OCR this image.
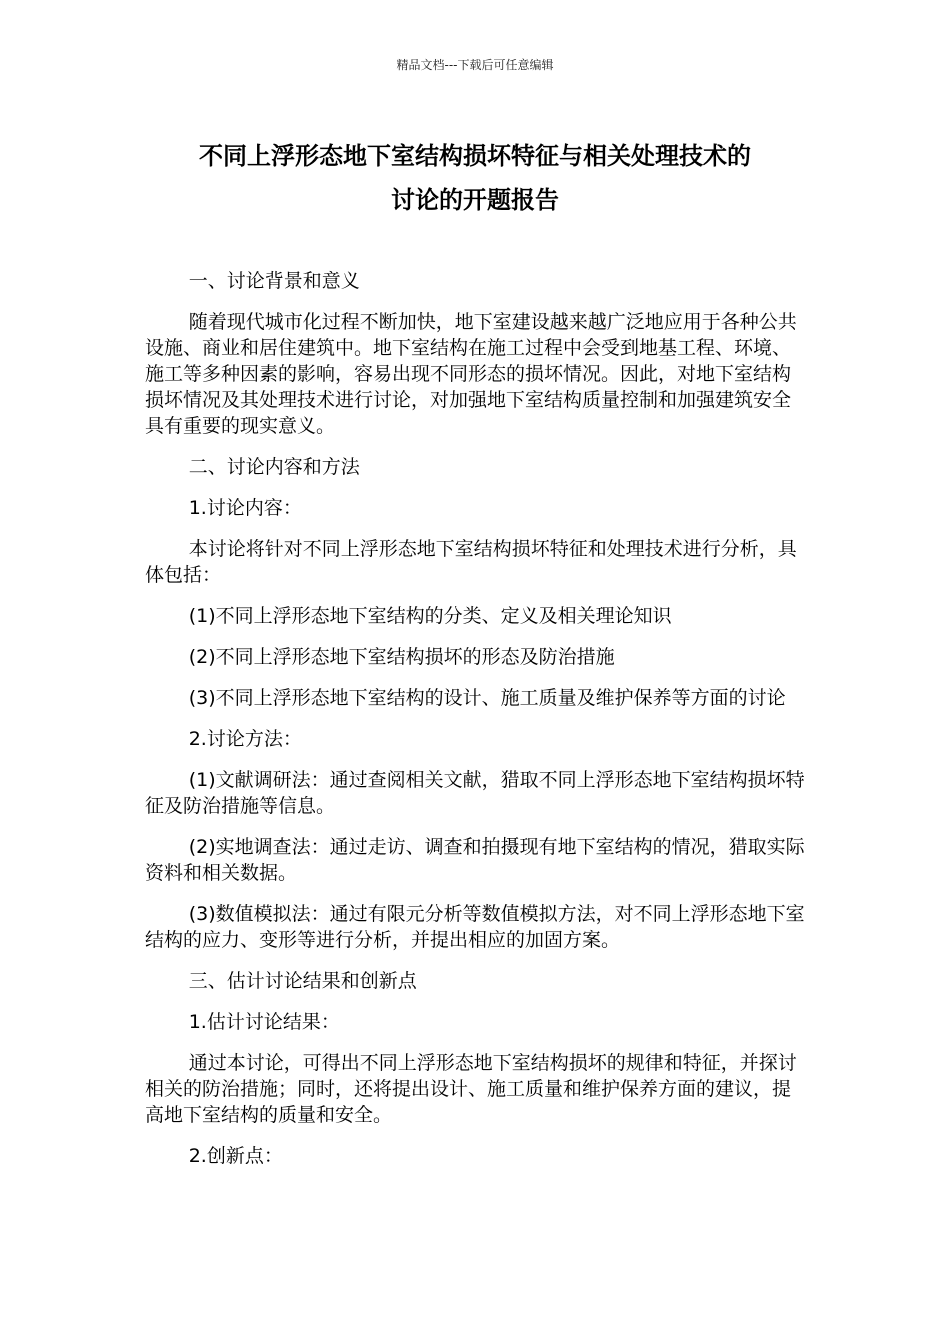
精品文档---下载后可任意编辑
不同上浮形态地下室结构损坏特征与相关处理技术的
讨论的开题报告

一、讨论背景和意义

随着现代城市化过程不断加快，地下室建设越来越广泛地应用于各种公共设施、商业和居住建筑中。地下室结构在施工过程中会受到地基工程、环境、施工等多种因素的影响，容易出现不同形态的损坏情况。因此，对地下室结构损坏情况及其处理技术进行讨论，对加强地下室结构质量控制和加强建筑安全具有重要的现实意义。

二、讨论内容和方法

1.讨论内容：

本讨论将针对不同上浮形态地下室结构损坏特征和处理技术进行分析，具体包括：

(1)不同上浮形态地下室结构的分类、定义及相关理论知识

(2)不同上浮形态地下室结构损坏的形态及防治措施

(3)不同上浮形态地下室结构的设计、施工质量及维护保养等方面的讨论

2.讨论方法：

(1)文献调研法：通过查阅相关文献，猎取不同上浮形态地下室结构损坏特征及防治措施等信息。

(2)实地调查法：通过走访、调查和拍摄现有地下室结构的情况，猎取实际资料和相关数据。

(3)数值模拟法：通过有限元分析等数值模拟方法，对不同上浮形态地下室结构的应力、变形等进行分析，并提出相应的加固方案。

三、估计讨论结果和创新点

1.估计讨论结果：

通过本讨论，可得出不同上浮形态地下室结构损坏的规律和特征，并探讨相关的防治措施；同时，还将提出设计、施工质量和维护保养方面的建议，提高地下室结构的质量和安全。

2.创新点：
